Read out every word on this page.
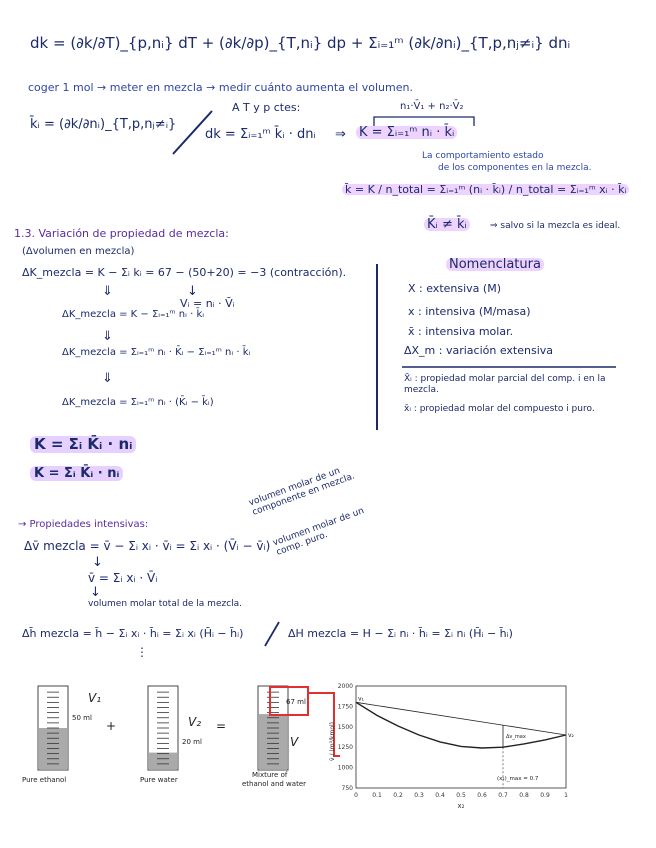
dk = (∂k/∂T)_{p,nᵢ} dT + (∂k/∂p)_{T,nᵢ} dp + Σᵢ₌₁ᵐ (∂k/∂nᵢ)_{T,p,nⱼ≠ᵢ} dnᵢ
coger 1 mol → meter en mezcla → medir cuánto aumenta el volumen.
k̄ᵢ = (∂k/∂nᵢ)_{T,p,nⱼ≠ᵢ}
A T y p ctes:	n₁·V̄₁ + n₂·V̄₂
dk = Σᵢ₌₁ᵐ k̄ᵢ · dnᵢ ⇒ K = Σᵢ₌₁ᵐ nᵢ · k̄ᵢ
La comportamiento estado
de los componentes en la mezcla.
k̄ = K / n_total = Σᵢ₌₁ᵐ (nᵢ · k̄ᵢ) / n_total = Σᵢ₌₁ᵐ xᵢ · k̄ᵢ
K̄ᵢ ≠ k̄ᵢ	⇒ salvo si la mezcla es ideal.
1.3. Variación de propiedad de mezcla:
(Δvolumen en mezcla)
ΔK_mezcla = K − Σᵢ kᵢ = 67 − (50+20) = −3 (contracción).
⇓	↓
Vᵢ = nᵢ · V̄ᵢ
ΔK_mezcla = K − Σᵢ₌₁ᵐ nᵢ · k̄ᵢ
⇓
ΔK_mezcla = Σᵢ₌₁ᵐ nᵢ · K̄ᵢ − Σᵢ₌₁ᵐ nᵢ · k̄ᵢ
⇓
ΔK_mezcla = Σᵢ₌₁ᵐ nᵢ · (K̄ᵢ − k̄ᵢ)
K = Σᵢ K̄ᵢ · nᵢ
K = Σᵢ K̄ᵢ · nᵢ
Nomenclatura
X : extensiva (M)
x : intensiva (M/masa)
x̄ : intensiva molar.
ΔX_m : variación extensiva
X̄ᵢ : propiedad molar parcial del comp. i en la mezcla.
x̄ᵢ : propiedad molar del compuesto i puro.
→ Propiedades intensivas:
Δv̄ mezcla = v̄ − Σᵢ xᵢ · v̄ᵢ = Σᵢ xᵢ · (V̄ᵢ − v̄ᵢ)
volumen molar de un componente en mezcla.
volumen molar de un comp. puro.
↓
v̄ = Σᵢ xᵢ · V̄ᵢ
↓
volumen molar total de la mezcla.
Δh̄ mezcla = h̄ − Σᵢ xᵢ · h̄ᵢ = Σᵢ xᵢ (H̄ᵢ − h̄ᵢ)	ΔH mezcla = H − Σᵢ nᵢ · h̄ᵢ = Σᵢ nᵢ (H̄ᵢ − h̄ᵢ)
⋮
50 ml
V₁
Pure ethanol
+
20 ml
V₂
Pure water
=
V
Mixture of
ethanol and water
67 ml
0 0.1 0.2 0.3 0.4 0.5 0.6 0.7 0.8 0.9 1
750
1000
1250
1500
1750
2000
x₂
v̄ / (m³/kmol)
v₁
v₂
Δv_max
(x₂)_max = 0.7
